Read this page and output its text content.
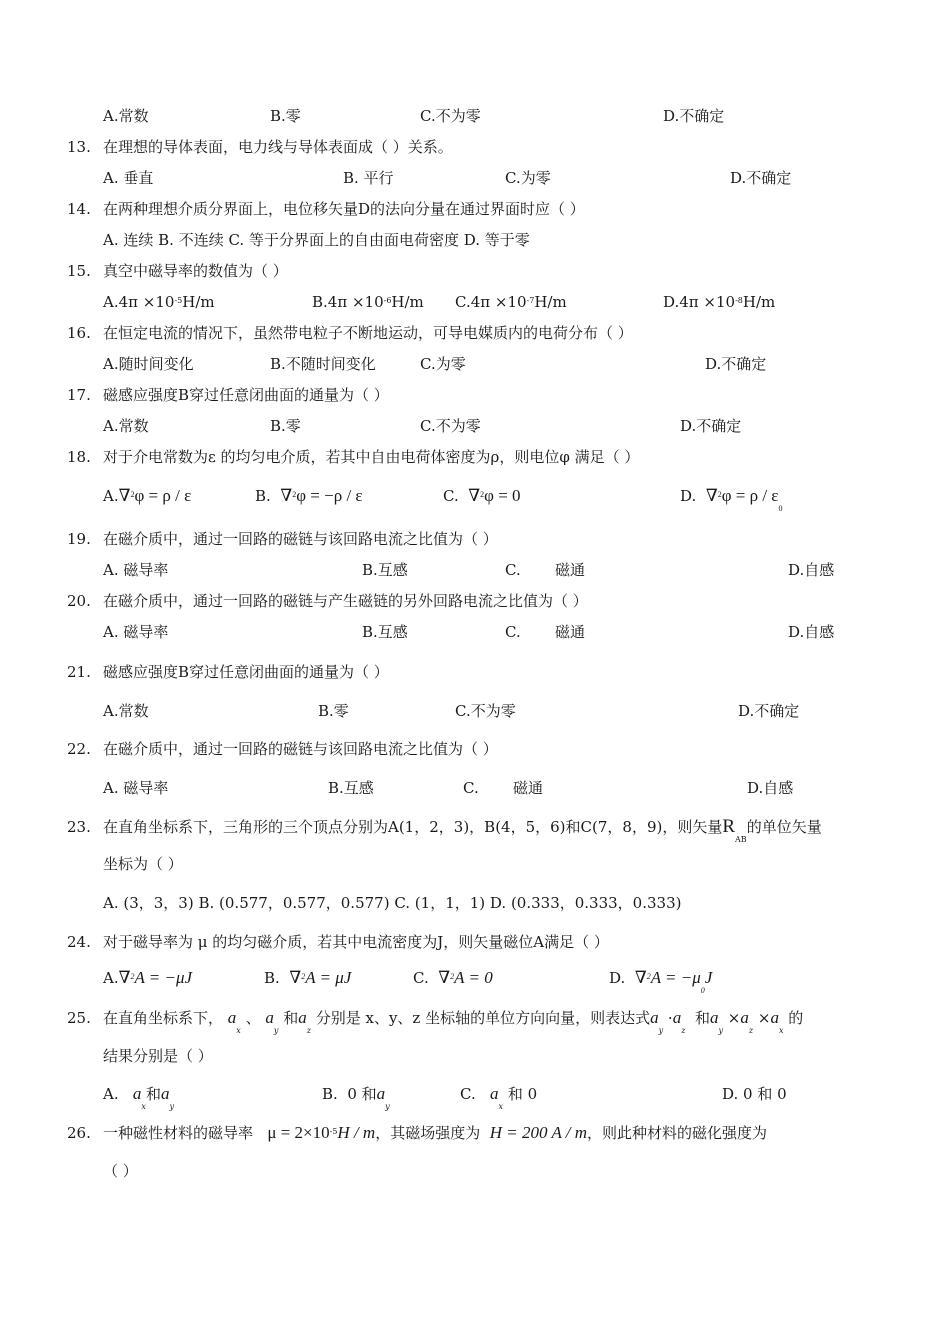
A.常数	B.零	C.不为零	D.不确定
13. 在理想的导体表面，电力线与导体表面成（ ）关系。
A. 垂直	B. 平行	C.为零	D.不确定
14. 在两种理想介质分界面上，电位移矢量D的法向分量在通过界面时应（ ）
A. 连续 B. 不连续 C. 等于分界面上的自由面电荷密度 D. 等于零
15. 真空中磁导率的数值为（ ）
$A.4\pi \times 10^{-5}H/m$	$B.4\pi \times 10^{-6}H/m$ $C.4\pi \times 10^{-7}H/m$	$D.4\pi \times 10^{-8}H/m$
16. 在恒定电流的情况下，虽然带电粒子不断地运动，可导电媒质内的电荷分布（ ）
A.随时间变化	B.不随时间变化	C.为零	D.不确定
17. 磁感应强度B穿过任意闭曲面的通量为（ ）
A.常数	B.零	C.不为零	D.不确定
18. 对于介电常数为ε 的均匀电介质，若其中自由电荷体密度为ρ，则电位φ 满足（ ）
A.∇$^2$φ = ρ / ε	B. ∇$^2$φ = −ρ / ε	C. ∇$^2$φ = 0	D. $\nabla^2\varphi = \rho / \varepsilon_0$
19. 在磁介质中，通过一回路的磁链与该回路电流之比值为（ ）
A. 磁导率	B.互感	C. 磁通	D.自感
20. 在磁介质中，通过一回路的磁链与产生磁链的另外回路电流之比值为（ ）
A. 磁导率	B.互感	C. 磁通	D.自感
21. 磁感应强度B穿过任意闭曲面的通量为（ ）
A.常数	B.零	C.不为零	D.不确定
22. 在磁介质中，通过一回路的磁链与该回路电流之比值为（ ）
A. 磁导率	B.互感	C. 磁通	D.自感
23. 在直角坐标系下，三角形的三个顶点分别为A(1，2，3)，B(4，5，6)和C(7，8，9)，则矢量$R_{AB}$的单位矢量
坐标为（ ）
A. (3，3，3) B. (0.577，0.577，0.577) C. (1，1，1) D. (0.333，0.333，0.333)
24. 对于磁导率为 μ 的均匀磁介质，若其中电流密度为J，则矢量磁位A满足（ ）
A.∇$^2$A = −μJ	B. ∇$^2$A = μJ	C. ∇$^2$A = 0	D. $\nabla^2A = -\mu_0J$
25. 在直角坐标系下， $a_x$ 、 $a_y$ 和$a_z$ 分别是 x、y、z 坐标轴的单位方向向量，则表达式$a_y \cdot a_z$  和$a_y \times a_z \times a_x$ 的
结果分别是（ ）
A. $a_x$和$a_y$
B. 0 和$a_y$
C. $a_x$ 和 0	D. 0 和 0
26. 一种磁性材料的磁导率 $\mu = 2\times 10^{-5}H / m$，其磁场强度为 H = 200 A / m，则此种材料的磁化强度为
（ ）
